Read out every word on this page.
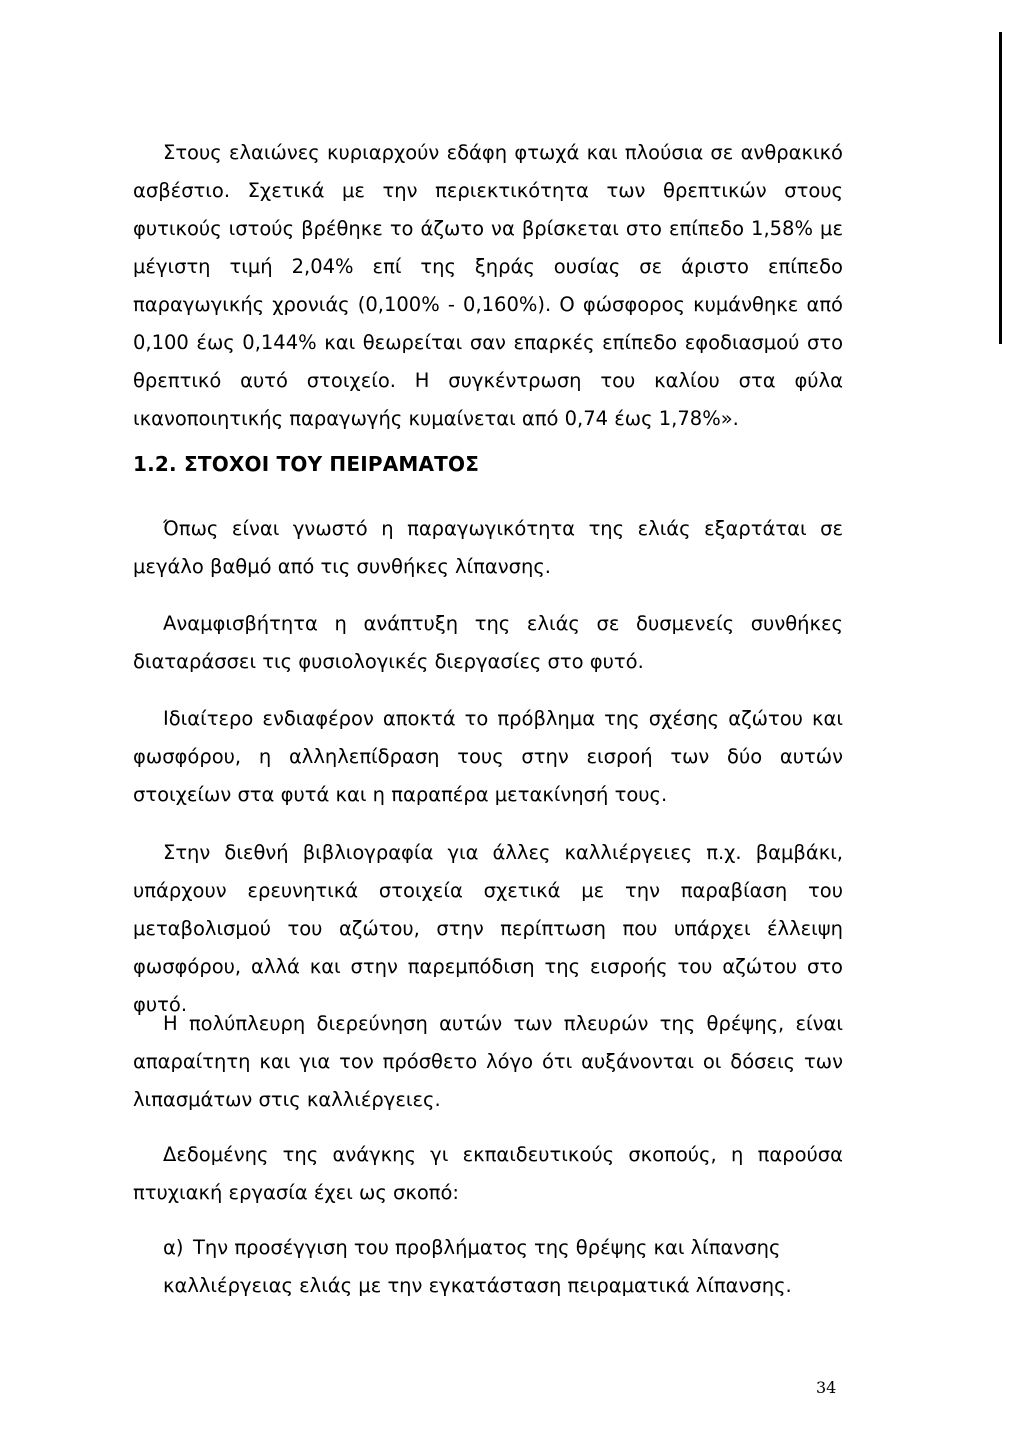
Στους ελαιώνες κυριαρχούν εδάφη φτωχά και πλούσια σε ανθρακικό ασβέστιο. Σχετικά με την περιεκτικότητα των θρεπτικών στους φυτικούς ιστούς βρέθηκε το άζωτο να βρίσκεται στο επίπεδο 1,58% με μέγιστη τιμή 2,04% επί της ξηράς ουσίας σε άριστο επίπεδο παραγωγικής χρονιάς (0,100% - 0,160%). Ο φώσφορος κυμάνθηκε από 0,100 έως 0,144% και θεωρείται σαν επαρκές επίπεδο εφοδιασμού στο θρεπτικό αυτό στοιχείο. Η συγκέντρωση του καλίου στα φύλα ικανοποιητικής παραγωγής κυμαίνεται από 0,74 έως 1,78%».

1.2. ΣΤΟΧΟΙ ΤΟΥ ΠΕΙΡΑΜΑΤΟΣ

Όπως είναι γνωστό η παραγωγικότητα της ελιάς εξαρτάται σε μεγάλο βαθμό από τις συνθήκες λίπανσης.

Αναμφισβήτητα η ανάπτυξη της ελιάς σε δυσμενείς συνθήκες διαταράσσει τις φυσιολογικές διεργασίες στο φυτό.

Ιδιαίτερο ενδιαφέρον αποκτά το πρόβλημα της σχέσης αζώτου και φωσφόρου, η αλληλεπίδραση τους στην εισροή των δύο αυτών στοιχείων στα φυτά και η παραπέρα μετακίνησή τους.

Στην διεθνή βιβλιογραφία για άλλες καλλιέργειες π.χ. βαμβάκι, υπάρχουν ερευνητικά στοιχεία σχετικά με την παραβίαση του μεταβολισμού του αζώτου, στην περίπτωση που υπάρχει έλλειψη φωσφόρου, αλλά και στην παρεμπόδιση της εισροής του αζώτου στο φυτό.

Η πολύπλευρη διερεύνηση αυτών των πλευρών της θρέψης, είναι απαραίτητη και για τον πρόσθετο λόγο ότι αυξάνονται οι δόσεις των λιπασμάτων στις καλλιέργειες.

Δεδομένης της ανάγκης γι εκπαιδευτικούς σκοπούς, η παρούσα πτυχιακή εργασία έχει ως σκοπό:

α) Την προσέγγιση του προβλήματος της θρέψης και λίπανσης καλλιέργειας ελιάς με την εγκατάσταση πειραματικά λίπανσης.

34
